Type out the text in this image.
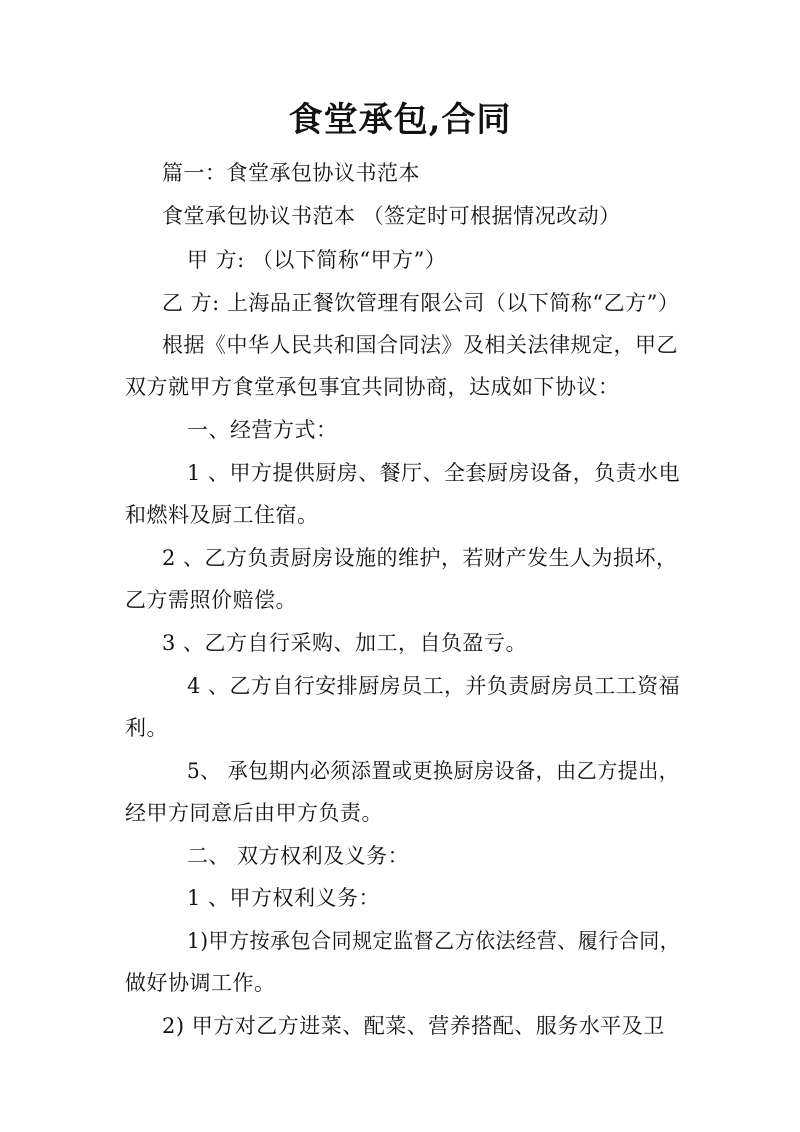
食堂承包,合同
篇一：食堂承包协议书范本
食堂承包协议书范本 （签定时可根据情况改动）
甲 方: （以下简称“甲方”）
乙 方: 上海品正餐饮管理有限公司（以下简称“乙方”）
根据《中华人民共和国合同法》及相关法律规定，甲乙
双方就甲方食堂承包事宜共同协商，达成如下协议：
一、经营方式：
1 、甲方提供厨房、餐厅、全套厨房设备，负责水电
和燃料及厨工住宿。
2 、乙方负责厨房设施的维护，若财产发生人为损坏，
乙方需照价赔偿。
3 、乙方自行采购、加工，自负盈亏。
4 、乙方自行安排厨房员工，并负责厨房员工工资福
利。
5、 承包期内必须添置或更换厨房设备，由乙方提出，
经甲方同意后由甲方负责。
二、 双方权利及义务：
1 、甲方权利义务：
1)甲方按承包合同规定监督乙方依法经营、履行合同，
做好协调工作。
2) 甲方对乙方进菜、配菜、营养搭配、服务水平及卫
